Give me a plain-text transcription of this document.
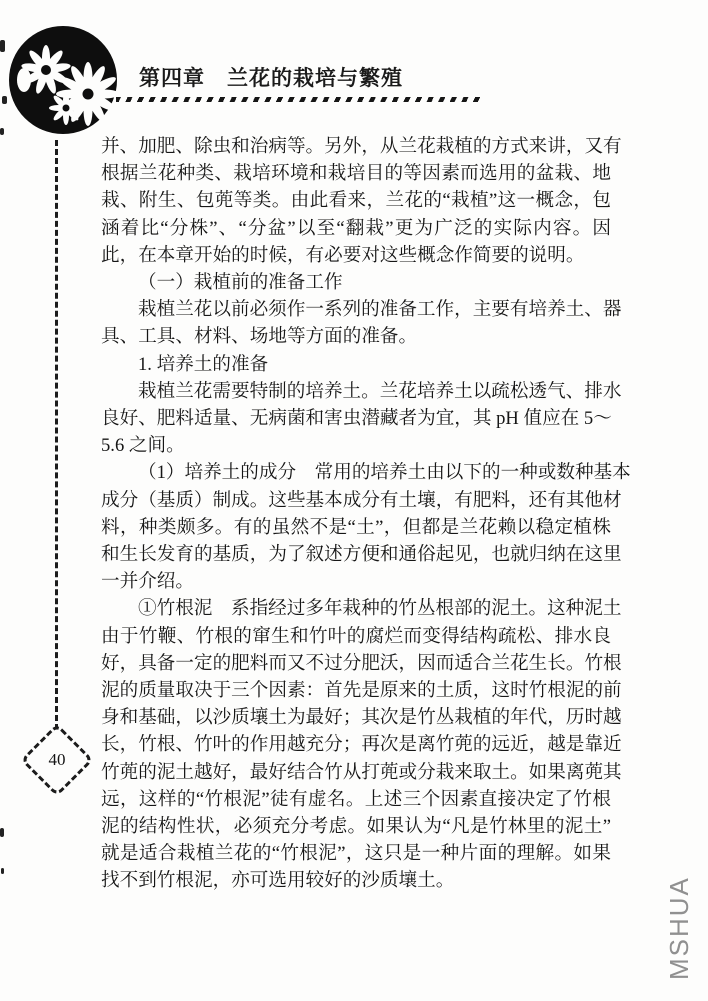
第四章　兰花的栽培与繁殖
40
并、加肥、除虫和治病等。另外，从兰花栽植的方式来讲，又有
根据兰花种类、栽培环境和栽培目的等因素而选用的盆栽、地
栽、附生、包蔸等类。由此看来，兰花的“栽植”这一概念，包
涵着比“分株”、“分盆”以至“翻栽”更为广泛的实际内容。因
此，在本章开始的时候，有必要对这些概念作简要的说明。
（一）栽植前的准备工作
栽植兰花以前必须作一系列的准备工作，主要有培养土、器
具、工具、材料、场地等方面的准备。
1. 培养土的准备
栽植兰花需要特制的培养土。兰花培养土以疏松透气、排水
良好、肥料适量、无病菌和害虫潜藏者为宜，其 pH 值应在 5～
5.6 之间。
（1）培养土的成分　常用的培养土由以下的一种或数种基本
成分（基质）制成。这些基本成分有土壤，有肥料，还有其他材
料，种类颇多。有的虽然不是“土”，但都是兰花赖以稳定植株
和生长发育的基质，为了叙述方便和通俗起见，也就归纳在这里
一并介绍。
①竹根泥　系指经过多年栽种的竹丛根部的泥土。这种泥土
由于竹鞭、竹根的窜生和竹叶的腐烂而变得结构疏松、排水良
好，具备一定的肥料而又不过分肥沃，因而适合兰花生长。竹根
泥的质量取决于三个因素：首先是原来的土质，这时竹根泥的前
身和基础，以沙质壤土为最好；其次是竹丛栽植的年代，历时越
长，竹根、竹叶的作用越充分；再次是离竹蔸的远近，越是靠近
竹蔸的泥土越好，最好结合竹从打蔸或分栽来取土。如果离蔸其
远，这样的“竹根泥”徒有虚名。上述三个因素直接决定了竹根
泥的结构性状，必须充分考虑。如果认为“凡是竹林里的泥土”
就是适合栽植兰花的“竹根泥”，这只是一种片面的理解。如果
找不到竹根泥，亦可选用较好的沙质壤土。	MSHUA
